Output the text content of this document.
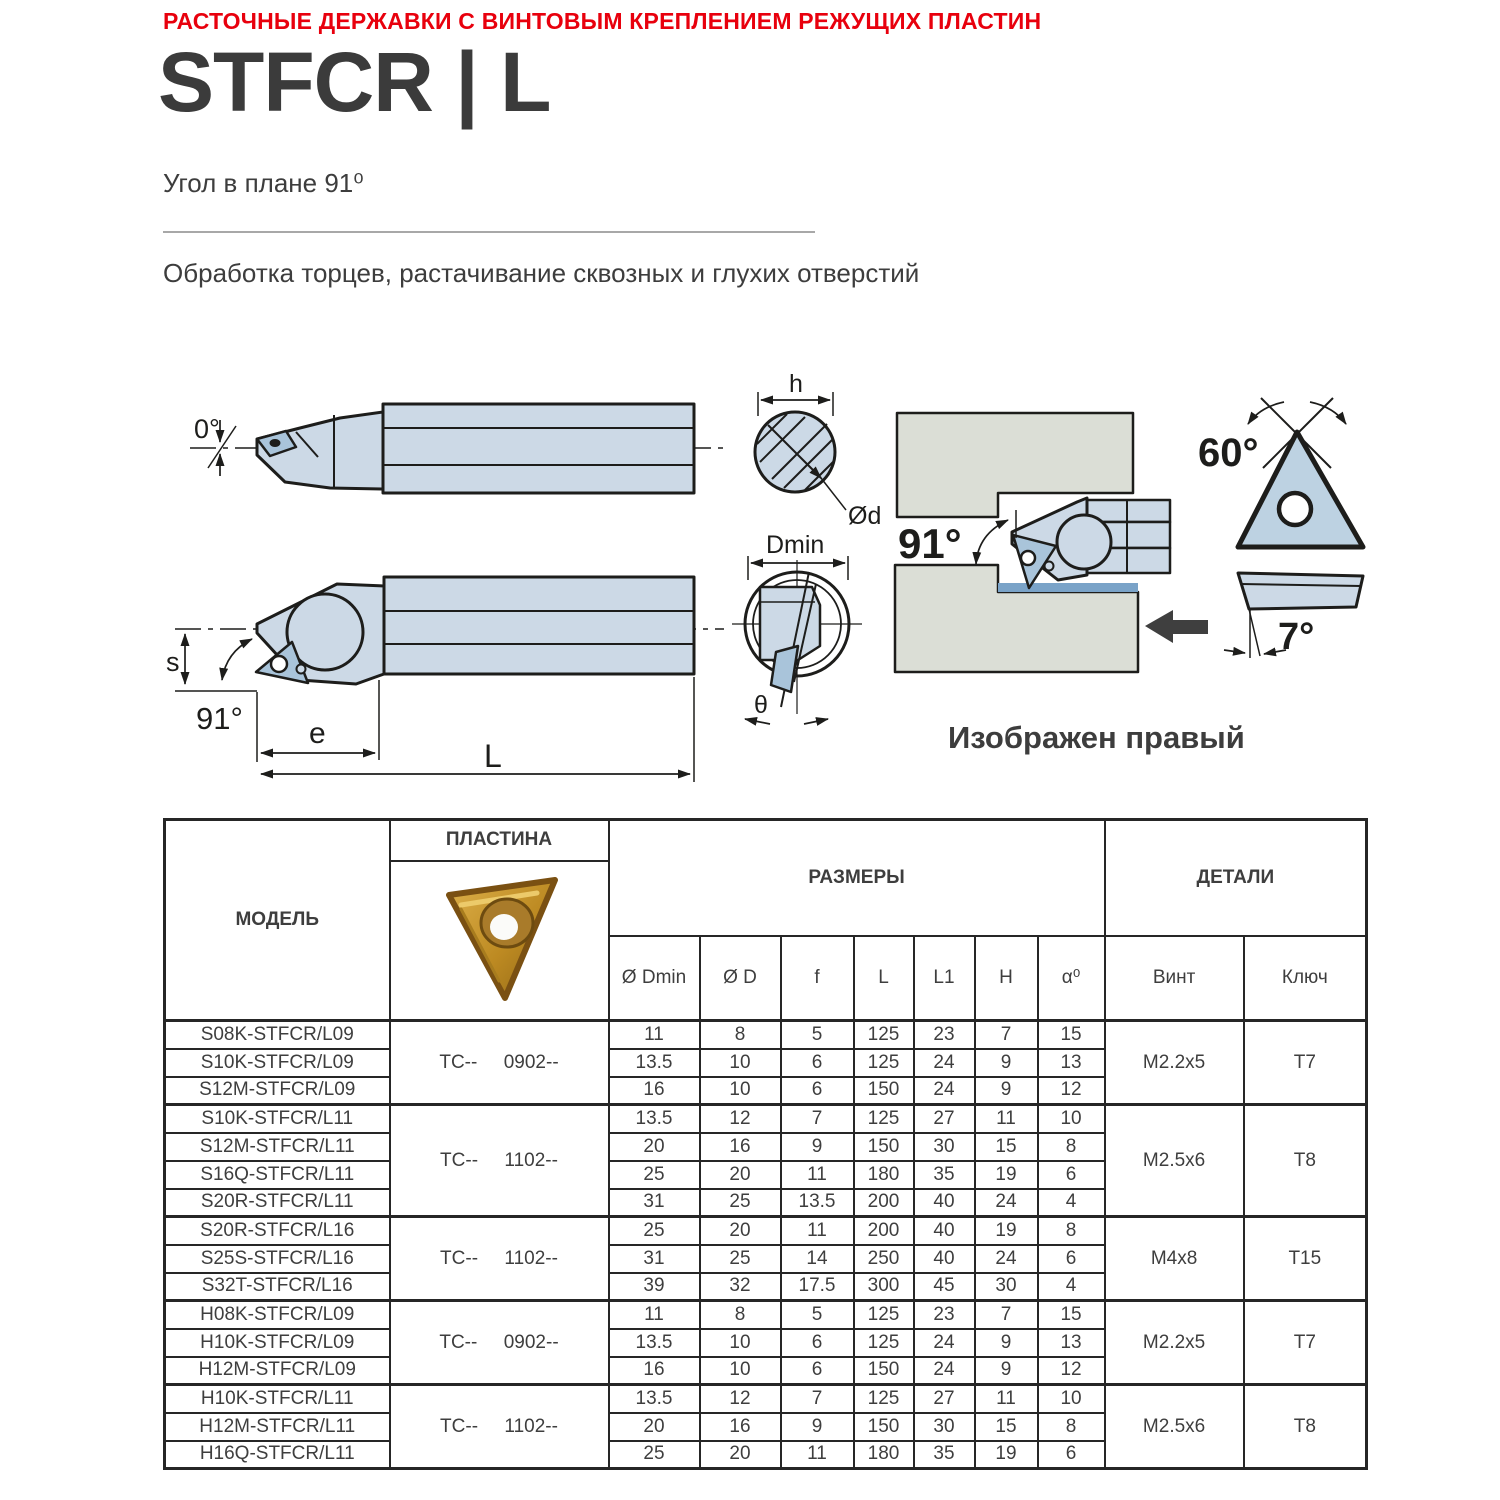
РАСТОЧНЫЕ ДЕРЖАВКИ С ВИНТОВЫМ КРЕПЛЕНИЕМ РЕЖУЩИХ ПЛАСТИН
STFCR | L
Угол в плане 91⁰
Обработка торцев, растачивание сквозных и глухих отверстий
0°
s
91° e
L
h
Ød
Dmin
θ
91°
Изображен правый
60°
7°
МОДЕЛЬ	ПЛАСТИНА	РАЗМЕРЫ							ДЕТАЛИ	

		Ø Dmin	Ø D	f	L	L1	H	α⁰	Винт	Ключ
S08K-STFCR/L09	TC--     0902--	11	8	5	125	23	7	15	M2.2x5	T7
S10K-STFCR/L09		13.5	10	6	125	24	9	13		
S12M-STFCR/L09		16	10	6	150	24	9	12		
S10K-STFCR/L11	TC--     1102--	13.5	12	7	125	27	11	10	M2.5x6	T8
S12M-STFCR/L11		20	16	9	150	30	15	8		
S16Q-STFCR/L11		25	20	11	180	35	19	6		
S20R-STFCR/L11		31	25	13.5	200	40	24	4		
S20R-STFCR/L16	TC--     1102--	25	20	11	200	40	19	8	M4x8	T15
S25S-STFCR/L16		31	25	14	250	40	24	6		
S32T-STFCR/L16		39	32	17.5	300	45	30	4		
H08K-STFCR/L09	TC--     0902--	11	8	5	125	23	7	15	M2.2x5	T7
H10K-STFCR/L09		13.5	10	6	125	24	9	13		
H12M-STFCR/L09		16	10	6	150	24	9	12		
H10K-STFCR/L11	TC--     1102--	13.5	12	7	125	27	11	10	M2.5x6	T8
H12M-STFCR/L11		20	16	9	150	30	15	8		
H16Q-STFCR/L11		25	20	11	180	35	19	6		
